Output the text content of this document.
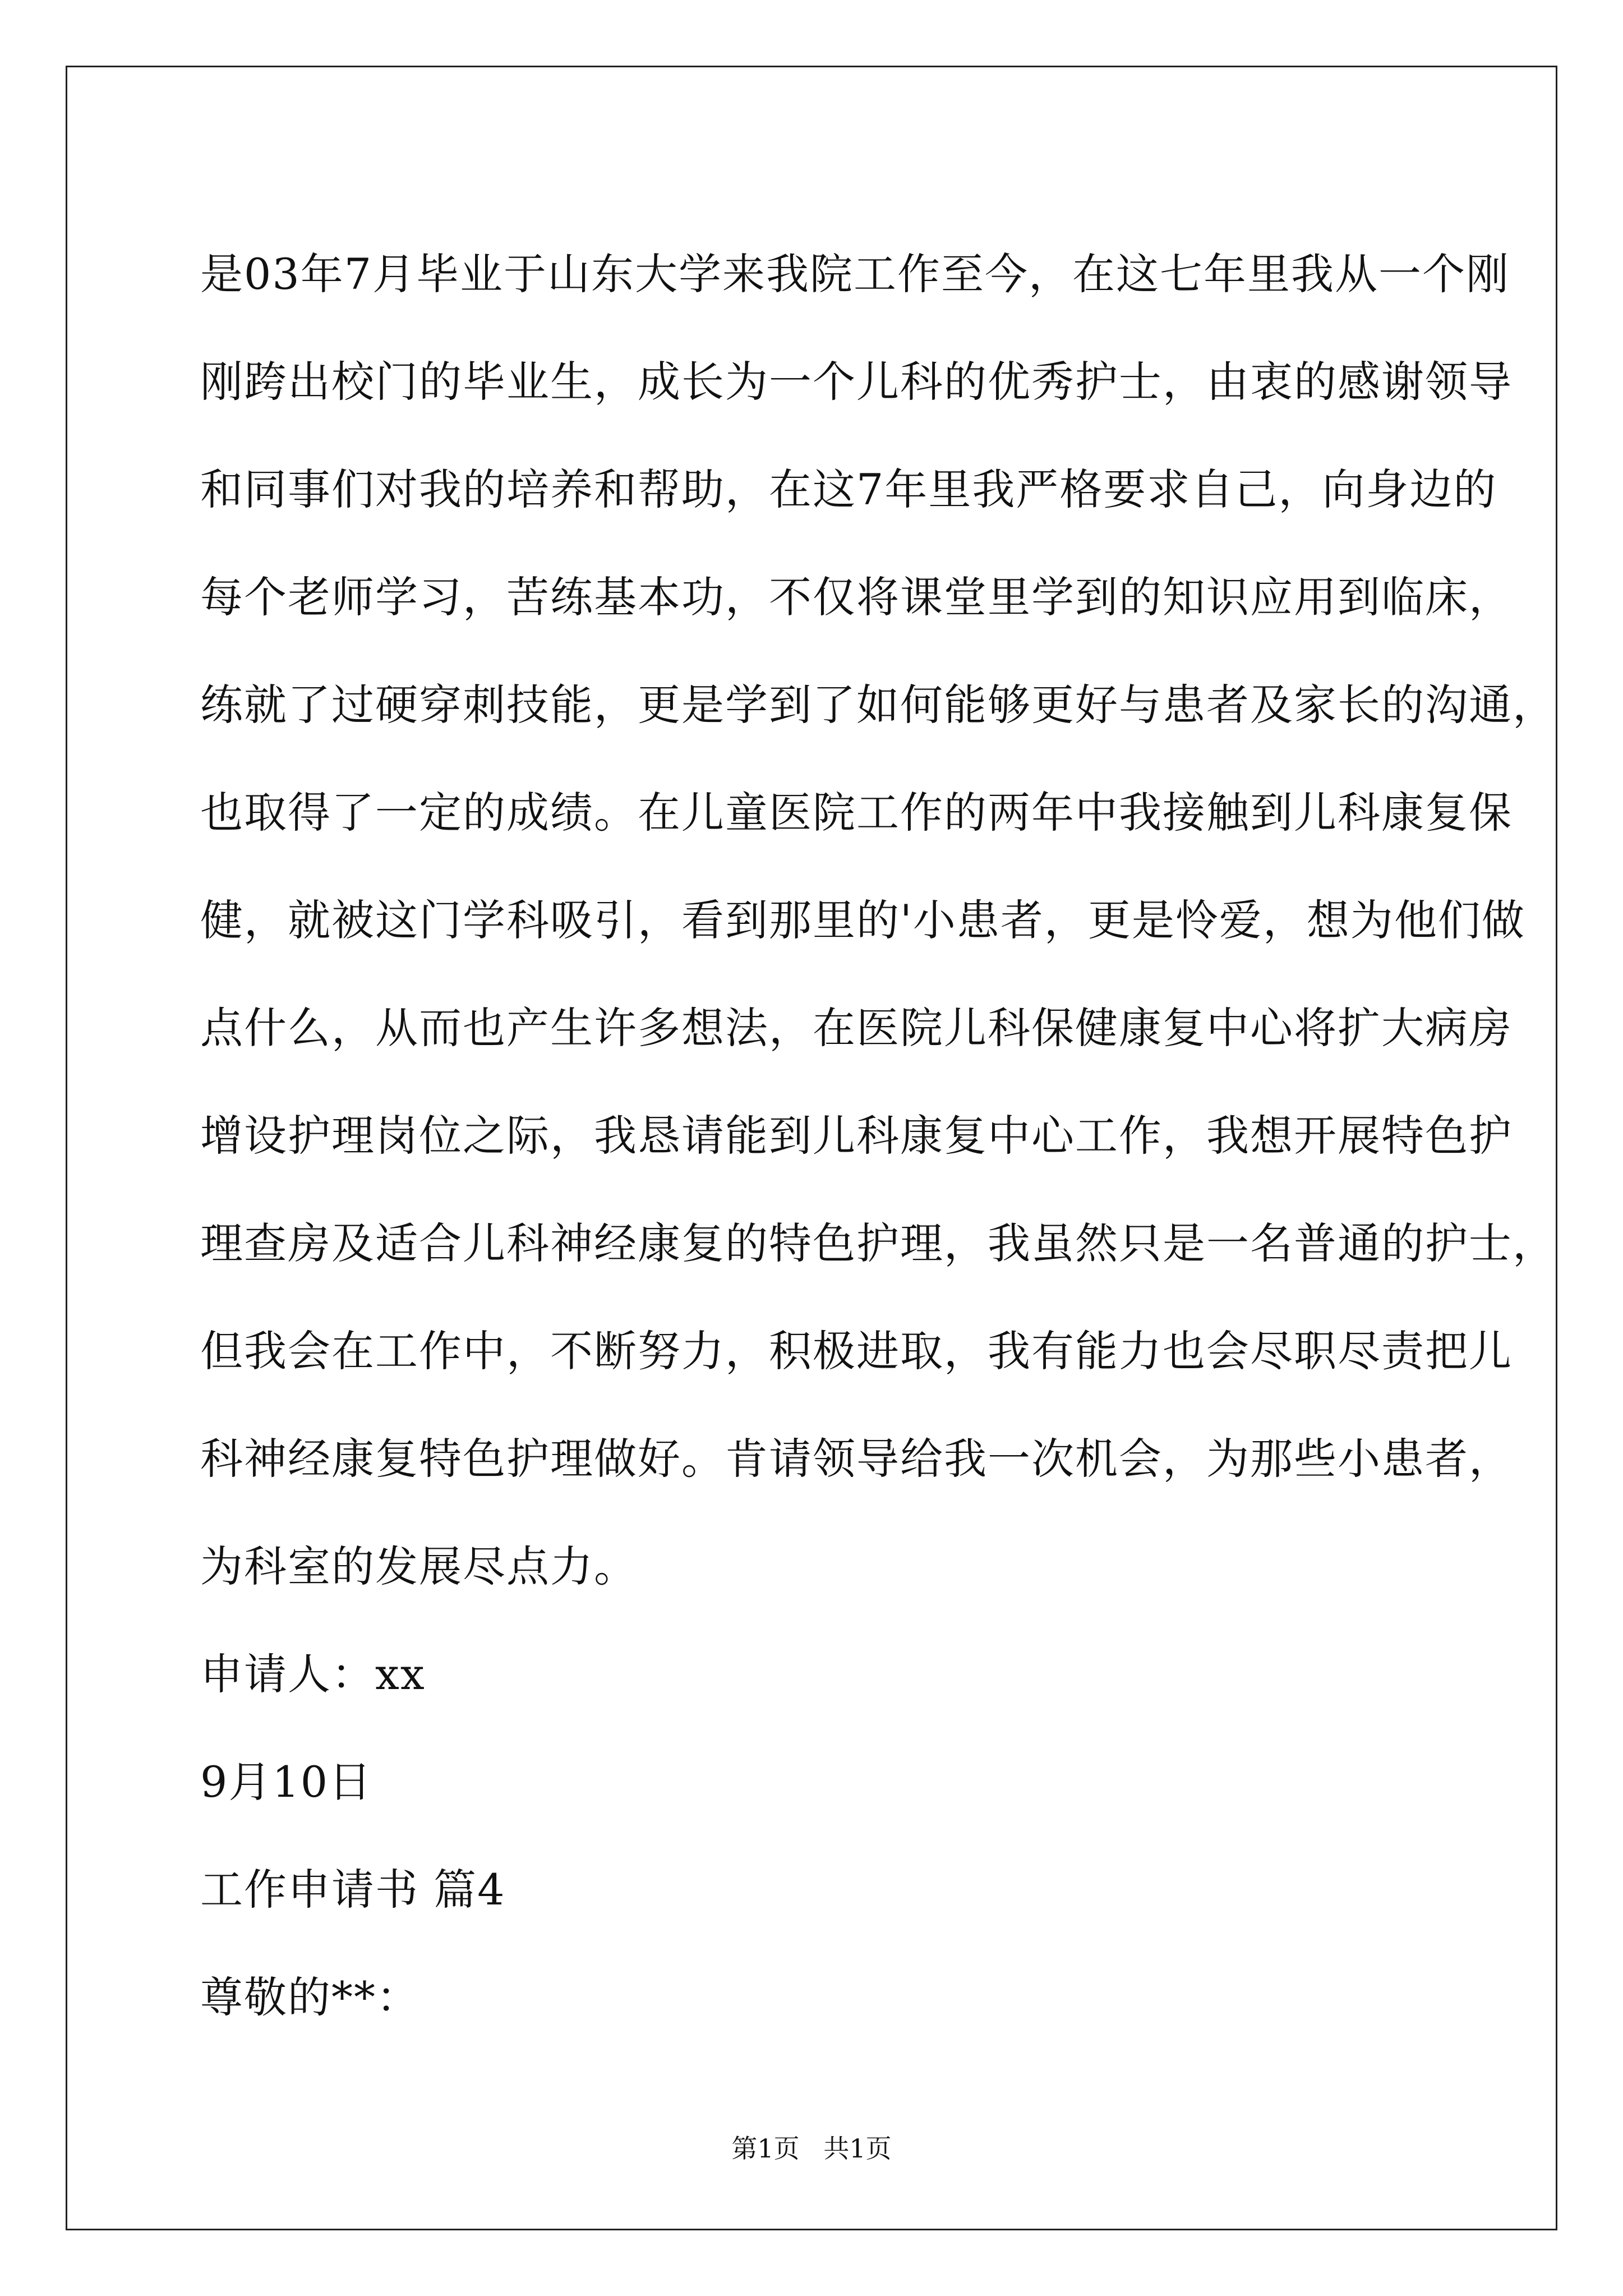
是03年7月毕业于山东大学来我院工作至今，在这七年里我从一个刚
刚跨出校门的毕业生，成长为一个儿科的优秀护士，由衷的感谢领导
和同事们对我的培养和帮助，在这7年里我严格要求自己，向身边的
每个老师学习，苦练基本功，不仅将课堂里学到的知识应用到临床，
练就了过硬穿刺技能，更是学到了如何能够更好与患者及家长的沟通，
也取得了一定的成绩。在儿童医院工作的两年中我接触到儿科康复保
健，就被这门学科吸引，看到那里的'小患者，更是怜爱，想为他们做
点什么，从而也产生许多想法，在医院儿科保健康复中心将扩大病房
增设护理岗位之际，我恳请能到儿科康复中心工作，我想开展特色护
理查房及适合儿科神经康复的特色护理，我虽然只是一名普通的护士，
但我会在工作中，不断努力，积极进取，我有能力也会尽职尽责把儿
科神经康复特色护理做好。肯请领导给我一次机会，为那些小患者，
为科室的发展尽点力。
申请人：xx
9月10日
工作申请书 篇4
尊敬的**：
第1页 共1页
